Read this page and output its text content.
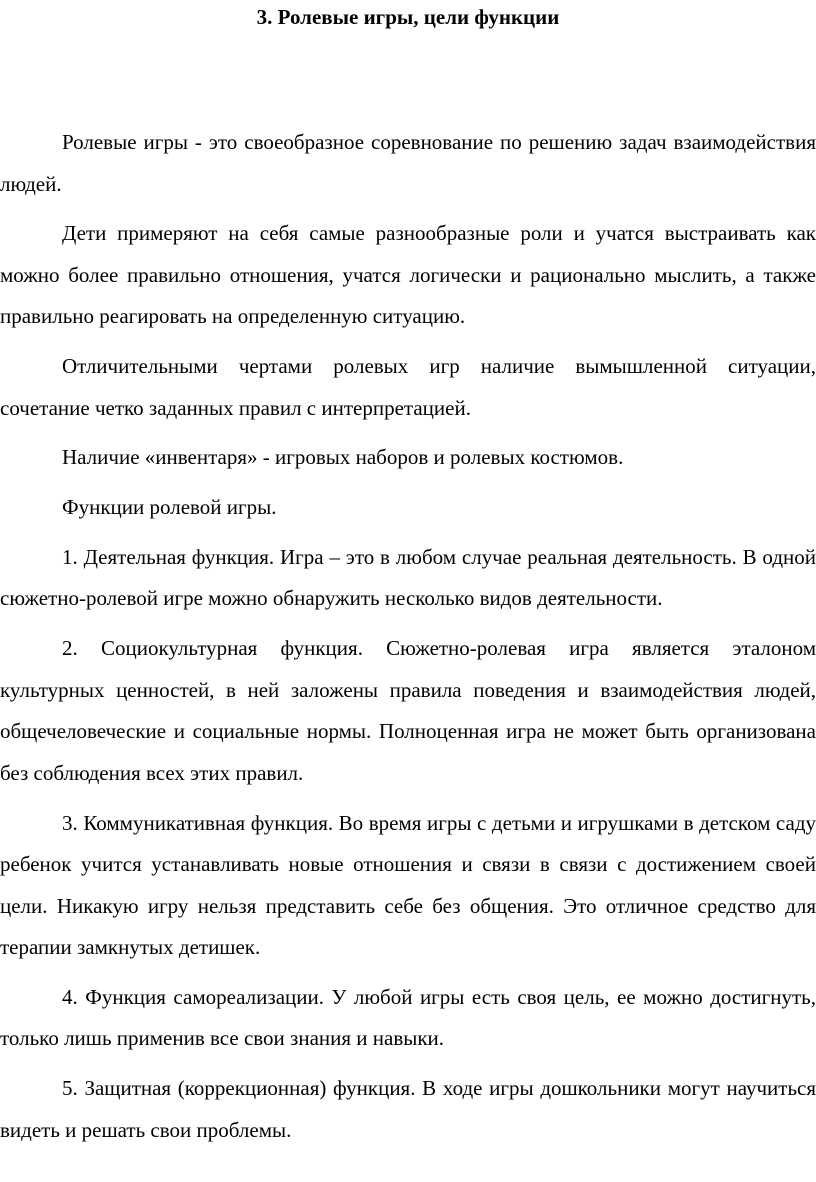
3. Ролевые игры, цели функции

Ролевые игры - это своеобразное соревнование по решению задач взаимодействия людей.

Дети примеряют на себя самые разнообразные роли и учатся выстраивать как можно более правильно отношения, учатся логически и рационально мыслить, а также правильно реагировать на определенную ситуацию.

Отличительными чертами ролевых игр наличие вымышленной ситуации, сочетание четко заданных правил с интерпретацией.

Наличие «инвентаря» - игровых наборов и ролевых костюмов.

Функции ролевой игры.

1. Деятельная функция. Игра – это в любом случае реальная деятельность. В одной сюжетно-ролевой игре можно обнаружить несколько видов деятельности.

2. Социокультурная функция. Сюжетно-ролевая игра является эталоном культурных ценностей, в ней заложены правила поведения и взаимодействия людей, общечеловеческие и социальные нормы. Полноценная игра не может быть организована без соблюдения всех этих правил.

3. Коммуникативная функция. Во время игры с детьми и игрушками в детском саду ребенок учится устанавливать новые отношения и связи в связи с достижением своей цели. Никакую игру нельзя представить себе без общения. Это отличное средство для терапии замкнутых детишек.

4. Функция самореализации. У любой игры есть своя цель, ее можно достигнуть, только лишь применив все свои знания и навыки.

5. Защитная (коррекционная) функция. В ходе игры дошкольники могут научиться видеть и решать свои проблемы.
